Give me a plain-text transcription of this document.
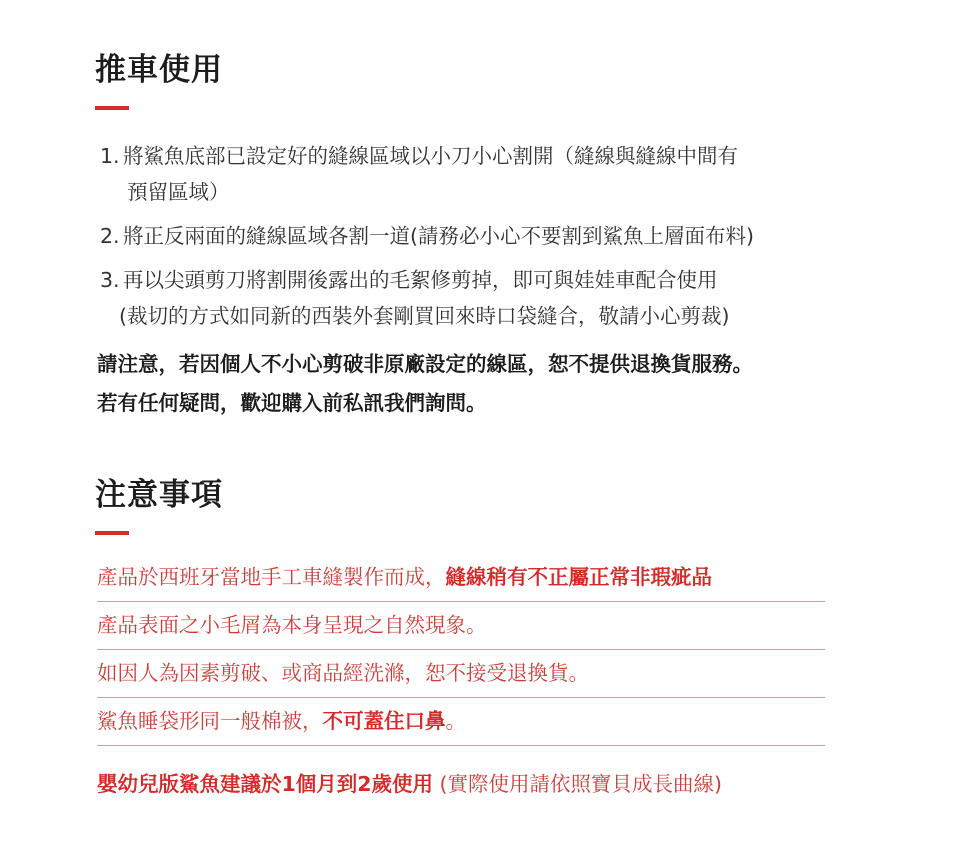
推車使用
1. 將鯊魚底部已設定好的縫線區域以小刀小心割開（縫線與縫線中間有
預留區域）
2. 將正反兩面的縫線區域各割一道(請務必小心不要割到鯊魚上層面布料)
3. 再以尖頭剪刀將割開後露出的毛絮修剪掉，即可與娃娃車配合使用
(裁切的方式如同新的西裝外套剛買回來時口袋縫合，敬請小心剪裁)
請注意，若因個人不小心剪破非原廠設定的線區，恕不提供退換貨服務。
若有任何疑問，歡迎購入前私訊我們詢問。
注意事項
產品於西班牙當地手工車縫製作而成，縫線稍有不正屬正常非瑕疵品
產品表面之小毛屑為本身呈現之自然現象。
如因人為因素剪破、或商品經洗滌，恕不接受退換貨。
鯊魚睡袋形同一般棉被，不可蓋住口鼻。
嬰幼兒版鯊魚建議於1個月到2歲使用 (實際使用請依照寶貝成長曲線)
